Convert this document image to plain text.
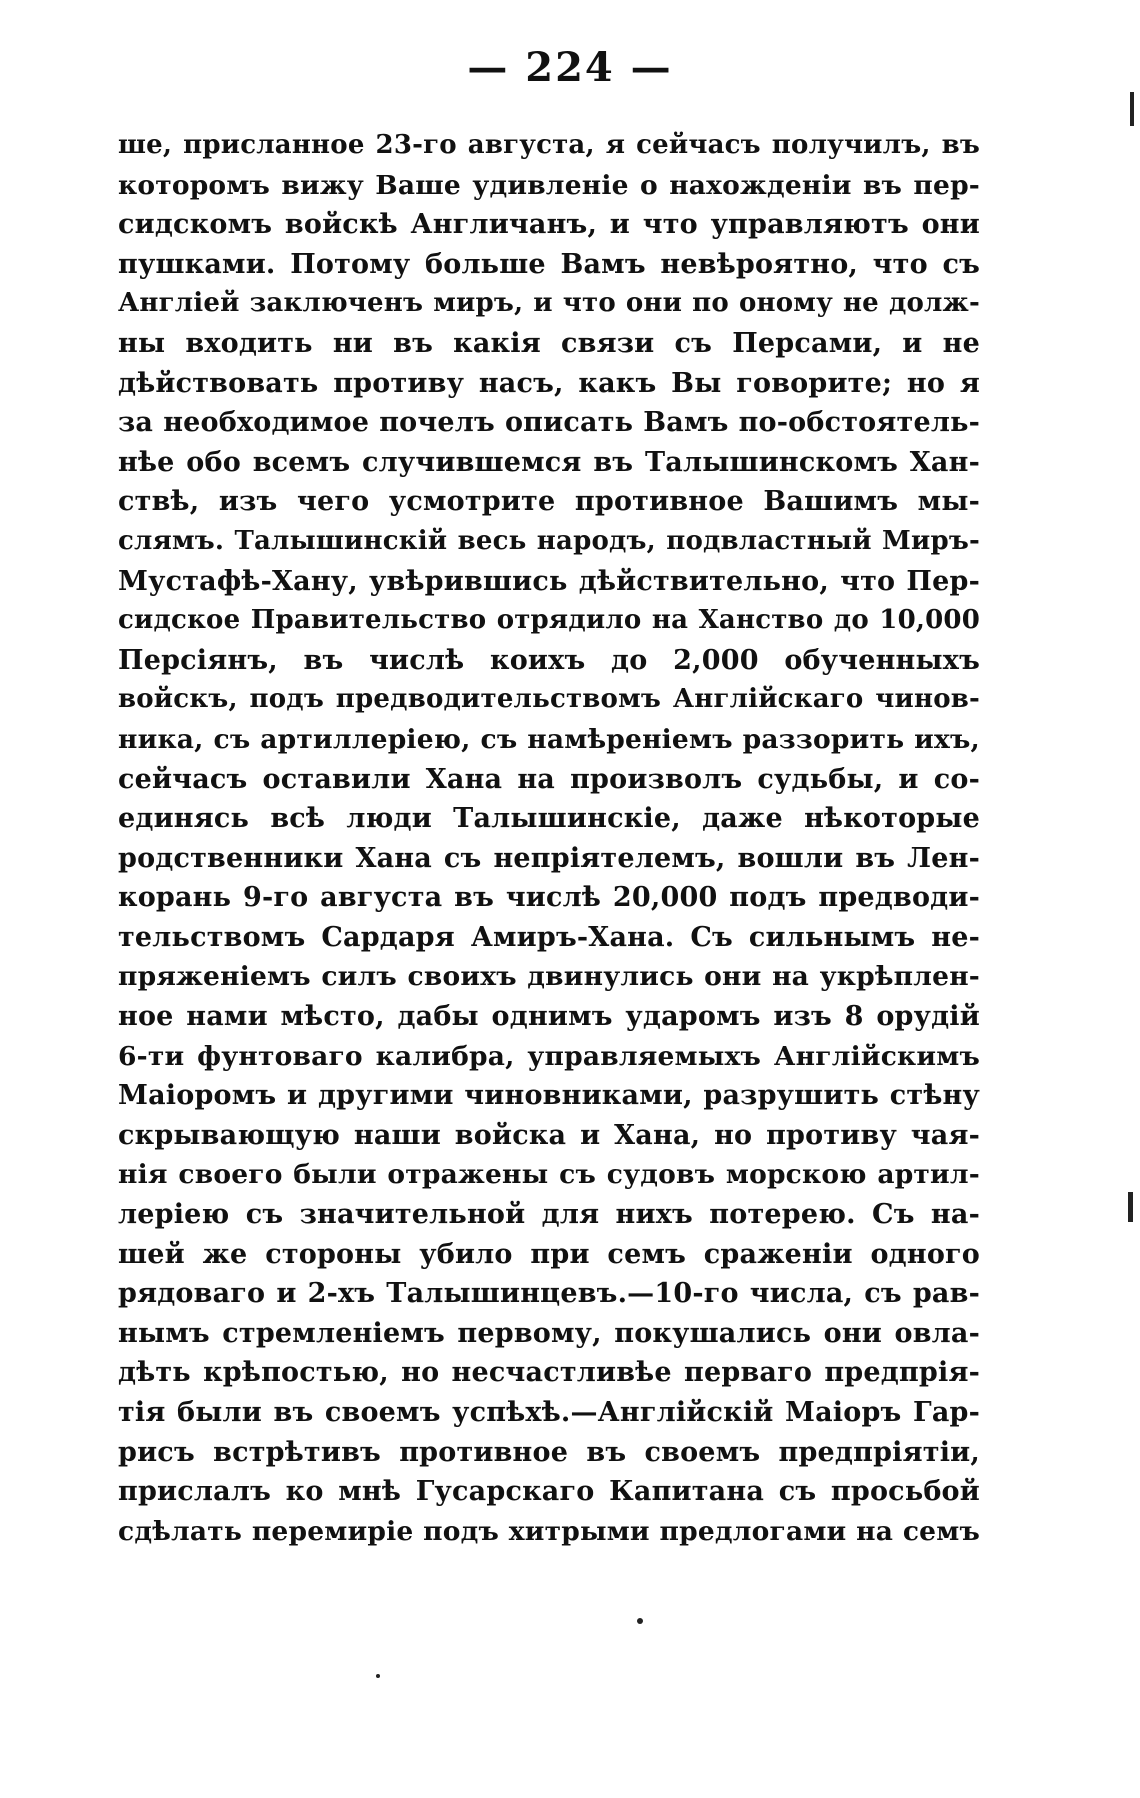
— 224 —
ше, присланное 23-го августа, я сейчасъ получилъ, въ
которомъ вижу Ваше удивленіе о нахожденіи въ пер-
сидскомъ войскѣ Англичанъ, и что управляютъ они
пушками. Потому больше Вамъ невѣроятно, что съ
Англіей заключенъ миръ, и что они по оному не долж-
ны входить ни въ какія связи съ Персами, и не
дѣйствовать противу насъ, какъ Вы говорите; но я
за необходимое почелъ описать Вамъ по-обстоятель-
нѣе обо всемъ случившемся въ Талышинскомъ Хан-
ствѣ, изъ чего усмотрите противное Вашимъ мы-
слямъ. Талышинскій весь народъ, подвластный Миръ-
Мустафѣ-Хану, увѣрившись дѣйствительно, что Пер-
сидское Правительство отрядило на Ханство до 10,000
Персіянъ, въ числѣ коихъ до 2,000 обученныхъ
войскъ, подъ предводительствомъ Англійскаго чинов-
ника, съ артиллеріею, съ намѣреніемъ раззорить ихъ,
сейчасъ оставили Хана на произволъ судьбы, и со-
единясь всѣ люди Талышинскіе, даже нѣкоторые
родственники Хана съ непріятелемъ, вошли въ Лен-
корань 9-го августа въ числѣ 20,000 подъ предводи-
тельствомъ Сардаря Амиръ-Хана. Съ сильнымъ не-
пряженіемъ силъ своихъ двинулись они на укрѣплен-
ное нами мѣсто, дабы однимъ ударомъ изъ 8 орудій
6-ти фунтоваго калибра, управляемыхъ Англійскимъ
Маіоромъ и другими чиновниками, разрушить стѣну
скрывающую наши войска и Хана, но противу чая-
нія своего были отражены съ судовъ морскою артил-
леріею съ значительной для нихъ потерею. Съ на-
шей же стороны убило при семъ сраженіи одного
рядоваго и 2-хъ Талышинцевъ.—10-го числа, съ рав-
нымъ стремленіемъ первому, покушались они овла-
дѣть крѣпостью, но несчастливѣе перваго предпрія-
тія были въ своемъ успѣхѣ.—Англійскій Маіоръ Гар-
рисъ встрѣтивъ противное въ своемъ предпріятіи,
прислалъ ко мнѣ Гусарскаго Капитана съ просьбой
сдѣлать перемиріе подъ хитрыми предлогами на семъ
